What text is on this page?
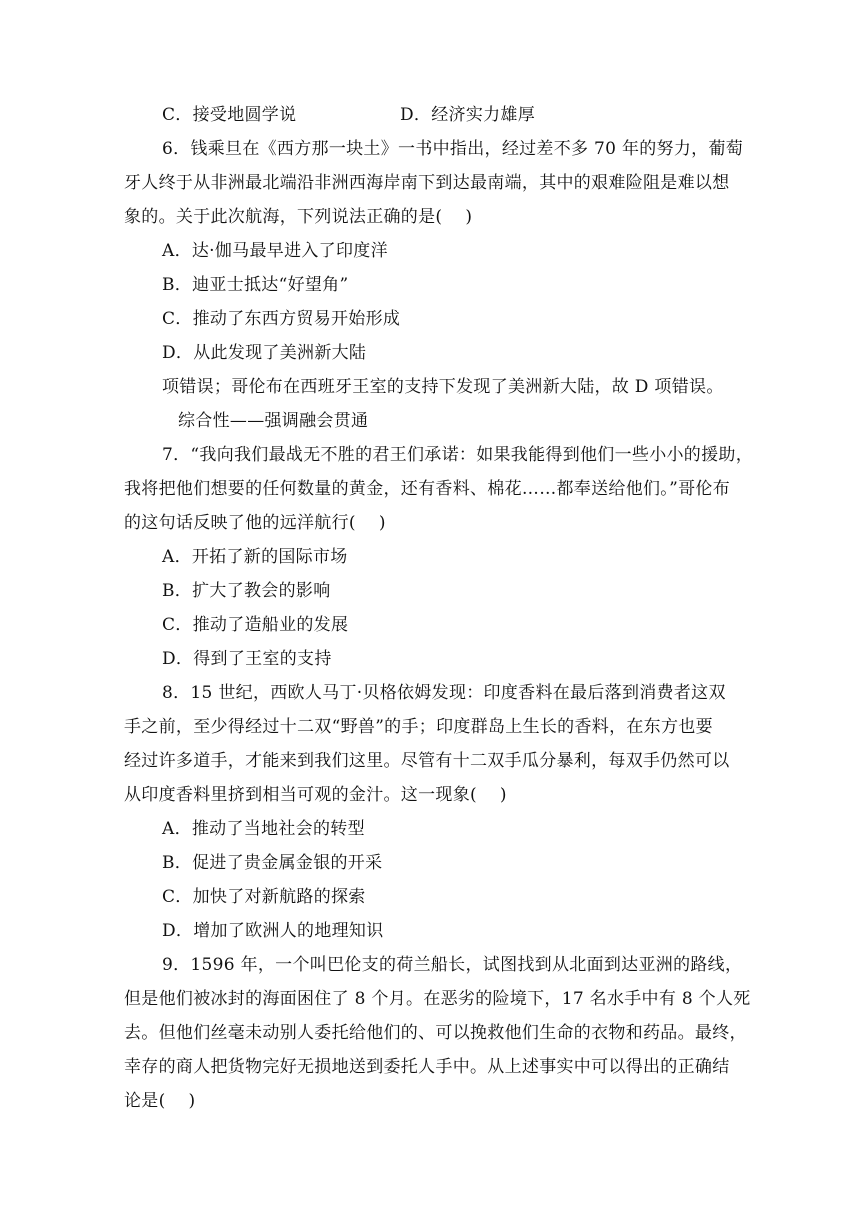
C．接受地圆学说	D．经济实力雄厚
6．钱乘旦在《西方那一块土》一书中指出，经过差不多 70 年的努力，葡萄
牙人终于从非洲最北端沿非洲西海岸南下到达最南端，其中的艰难险阻是难以想
象的。关于此次航海，下列说法正确的是(　 )
A．达·伽马最早进入了印度洋
B．迪亚士抵达“好望角”
C．推动了东西方贸易开始形成
D．从此发现了美洲新大陆
项错误；哥伦布在西班牙王室的支持下发现了美洲新大陆，故 D 项错误。
综合性——强调融会贯通
7．“我向我们最战无不胜的君王们承诺：如果我能得到他们一些小小的援助，
我将把他们想要的任何数量的黄金，还有香料、棉花……都奉送给他们。”哥伦布
的这句话反映了他的远洋航行(　 )
A．开拓了新的国际市场
B．扩大了教会的影响
C．推动了造船业的发展
D．得到了王室的支持
8．15 世纪，西欧人马丁·贝格依姆发现：印度香料在最后落到消费者这双
手之前，至少得经过十二双“野兽”的手；印度群岛上生长的香料，在东方也要
经过许多道手，才能来到我们这里。尽管有十二双手瓜分暴利，每双手仍然可以
从印度香料里挤到相当可观的金汁。这一现象(　 )
A．推动了当地社会的转型
B．促进了贵金属金银的开采
C．加快了对新航路的探索
D．增加了欧洲人的地理知识
9．1596 年，一个叫巴伦支的荷兰船长，试图找到从北面到达亚洲的路线，
但是他们被冰封的海面困住了 8 个月。在恶劣的险境下，17 名水手中有 8 个人死
去。但他们丝毫未动别人委托给他们的、可以挽救他们生命的衣物和药品。最终，
幸存的商人把货物完好无损地送到委托人手中。从上述事实中可以得出的正确结
论是(　 )
